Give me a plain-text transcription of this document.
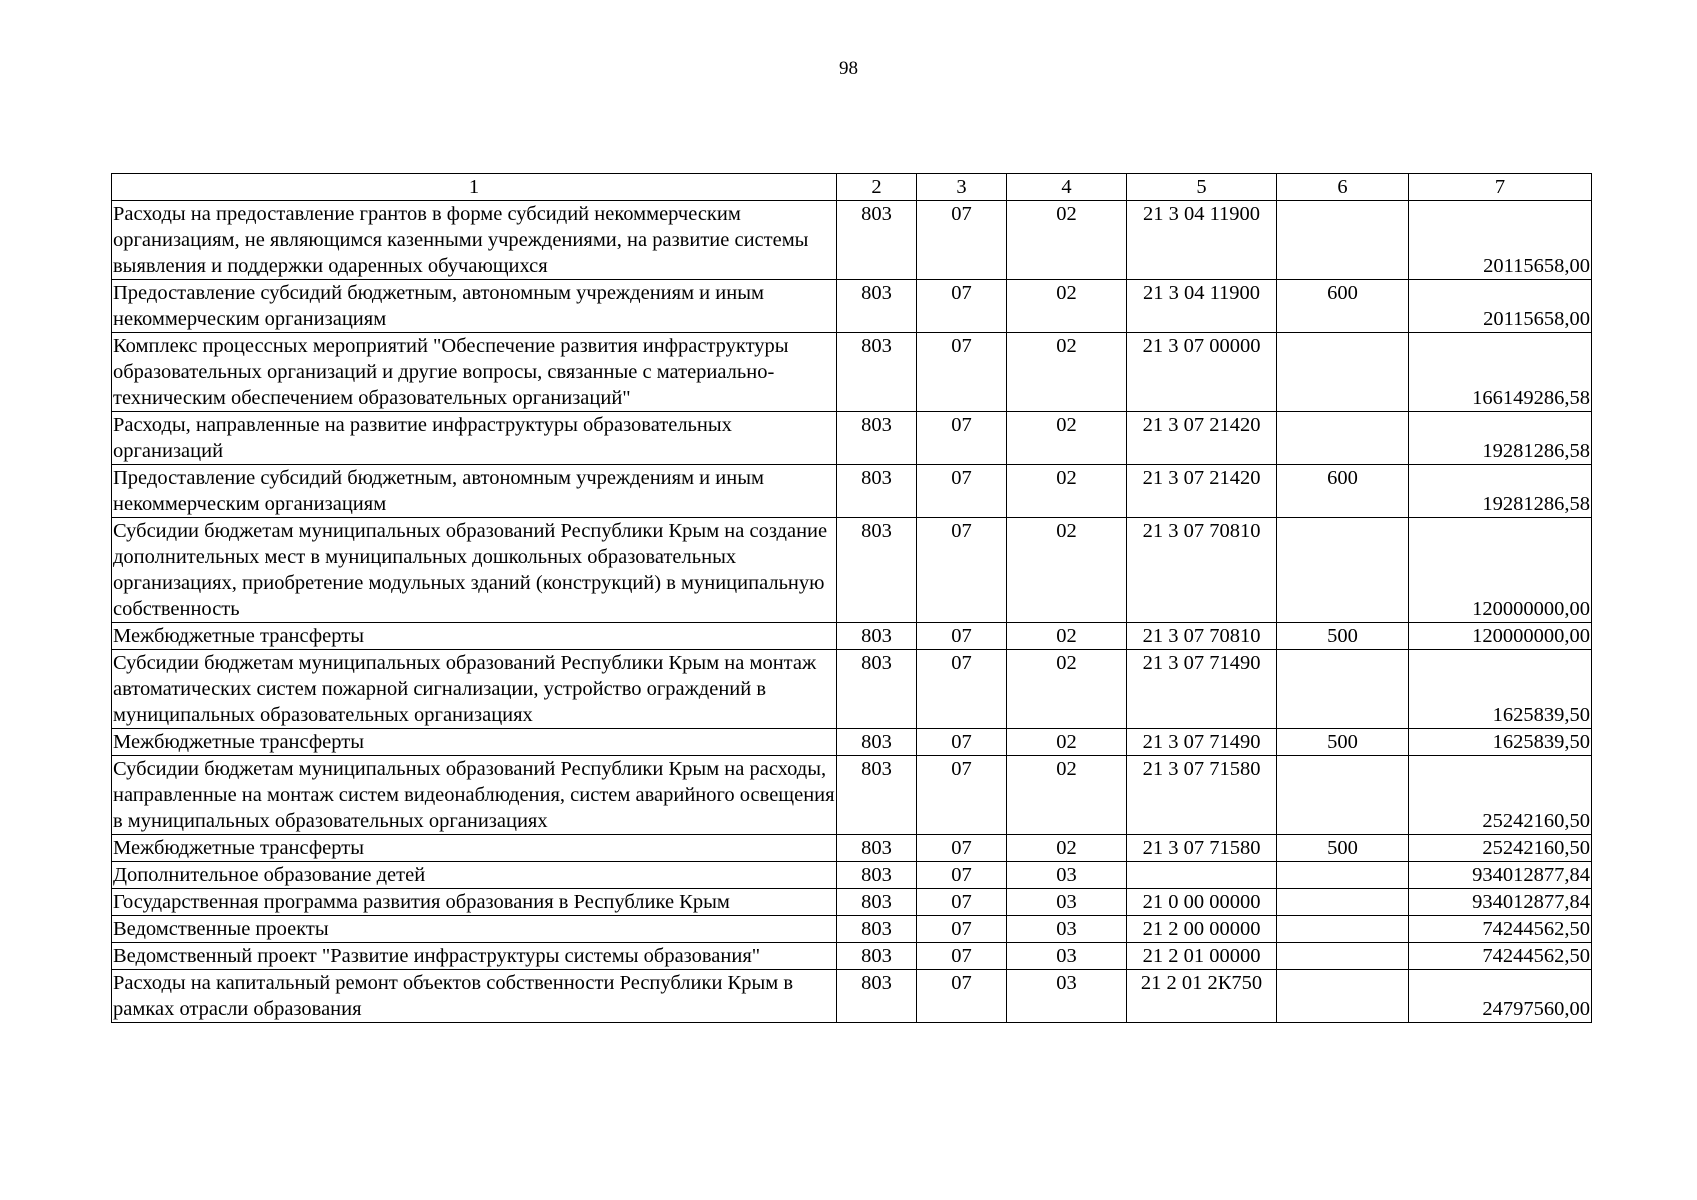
98
1	2	3	4	5	6	7
Расходы на предоставление грантов в форме субсидий некоммерческим организациям, не являющимся казенными учреждениями, на развитие системы выявления и поддержки одаренных обучающихся	803	07	02	21 3 04 11900		20115658,00
Предоставление субсидий бюджетным, автономным учреждениям и иным некоммерческим организациям	803	07	02	21 3 04 11900	600	20115658,00
Комплекс процессных мероприятий "Обеспечение развития инфраструктуры образовательных организаций и другие вопросы, связанные с материально-техническим обеспечением образовательных организаций"	803	07	02	21 3 07 00000		166149286,58
Расходы, направленные на развитие инфраструктуры образовательных организаций	803	07	02	21 3 07 21420		19281286,58
Предоставление субсидий бюджетным, автономным учреждениям и иным некоммерческим организациям	803	07	02	21 3 07 21420	600	19281286,58
Субсидии бюджетам муниципальных образований Республики Крым на создание дополнительных мест в муниципальных дошкольных образовательных организациях, приобретение модульных зданий (конструкций) в муниципальную собственность	803	07	02	21 3 07 70810		120000000,00
Межбюджетные трансферты	803	07	02	21 3 07 70810	500	120000000,00
Субсидии бюджетам муниципальных образований Республики Крым на монтаж автоматических систем пожарной сигнализации, устройство ограждений в муниципальных образовательных организациях	803	07	02	21 3 07 71490		1625839,50
Межбюджетные трансферты	803	07	02	21 3 07 71490	500	1625839,50
Субсидии бюджетам муниципальных образований Республики Крым на расходы, направленные на монтаж систем видеонаблюдения, систем аварийного освещения в муниципальных образовательных организациях	803	07	02	21 3 07 71580		25242160,50
Межбюджетные трансферты	803	07	02	21 3 07 71580	500	25242160,50
Дополнительное образование детей	803	07	03			934012877,84
Государственная программа развития образования в Республике Крым	803	07	03	21 0 00 00000		934012877,84
Ведомственные проекты	803	07	03	21 2 00 00000		74244562,50
Ведомственный проект "Развитие инфраструктуры системы образования"	803	07	03	21 2 01 00000		74244562,50
Расходы на капитальный ремонт объектов собственности Республики Крым в рамках отрасли образования	803	07	03	21 2 01 2К750		24797560,00
